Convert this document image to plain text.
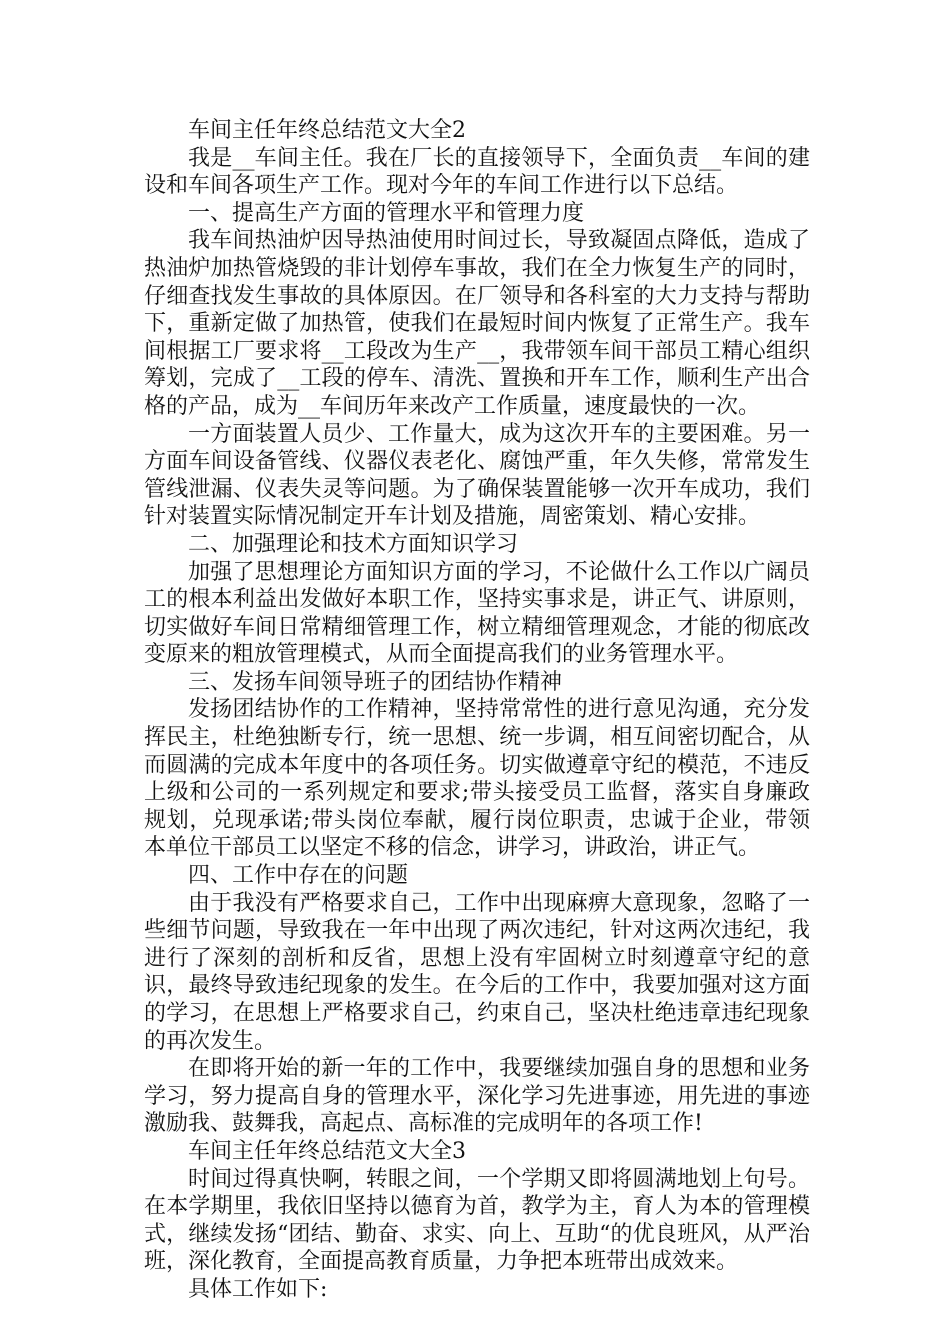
车间主任年终总结范文大全2

我是__车间主任。我在厂长的直接领导下，全面负责__车间的建设和车间各项生产工作。现对今年的车间工作进行以下总结。

一、提高生产方面的管理水平和管理力度

我车间热油炉因导热油使用时间过长，导致凝固点降低，造成了热油炉加热管烧毁的非计划停车事故，我们在全力恢复生产的同时，仔细查找发生事故的具体原因。在厂领导和各科室的大力支持与帮助下，重新定做了加热管，使我们在最短时间内恢复了正常生产。我车间根据工厂要求将__工段改为生产__，我带领车间干部员工精心组织筹划，完成了__工段的停车、清洗、置换和开车工作，顺利生产出合格的产品，成为__车间历年来改产工作质量，速度最快的一次。

一方面装置人员少、工作量大，成为这次开车的主要困难。另一方面车间设备管线、仪器仪表老化、腐蚀严重，年久失修，常常发生管线泄漏、仪表失灵等问题。为了确保装置能够一次开车成功，我们针对装置实际情况制定开车计划及措施，周密策划、精心安排。

二、加强理论和技术方面知识学习

加强了思想理论方面知识方面的学习，不论做什么工作以广阔员工的根本利益出发做好本职工作，坚持实事求是，讲正气、讲原则，切实做好车间日常精细管理工作，树立精细管理观念，才能的彻底改变原来的粗放管理模式，从而全面提高我们的业务管理水平。

三、发扬车间领导班子的团结协作精神

发扬团结协作的工作精神，坚持常常性的进行意见沟通，充分发挥民主，杜绝独断专行，统一思想、统一步调，相互间密切配合，从而圆满的完成本年度中的各项任务。切实做遵章守纪的模范，不违反上级和公司的一系列规定和要求;带头接受员工监督，落实自身廉政规划，兑现承诺;带头岗位奉献，履行岗位职责，忠诚于企业，带领本单位干部员工以坚定不移的信念，讲学习，讲政治，讲正气。

四、工作中存在的问题

由于我没有严格要求自己，工作中出现麻痹大意现象，忽略了一些细节问题，导致我在一年中出现了两次违纪，针对这两次违纪，我进行了深刻的剖析和反省，思想上没有牢固树立时刻遵章守纪的意识，最终导致违纪现象的发生。在今后的工作中，我要加强对这方面的学习，在思想上严格要求自己，约束自己，坚决杜绝违章违纪现象的再次发生。

在即将开始的新一年的工作中，我要继续加强自身的思想和业务学习，努力提高自身的管理水平，深化学习先进事迹，用先进的事迹激励我、鼓舞我，高起点、高标准的完成明年的各项工作!

车间主任年终总结范文大全3

时间过得真快啊，转眼之间，一个学期又即将圆满地划上句号。在本学期里，我依旧坚持以德育为首，教学为主，育人为本的管理模式，继续发扬“团结、勤奋、求实、向上、互助“的优良班风，从严治班，深化教育，全面提高教育质量，力争把本班带出成效来。

具体工作如下:
